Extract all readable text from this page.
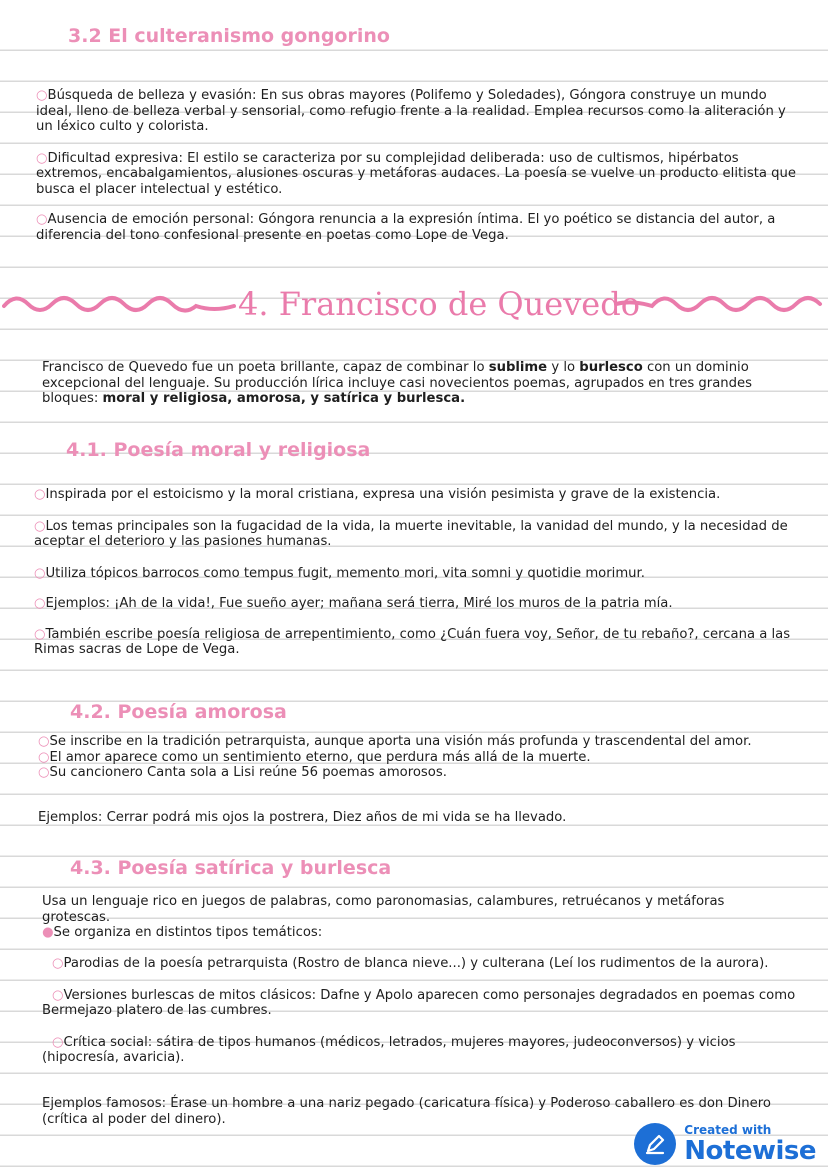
3.2 El culteranismo gongorino

○Búsqueda de belleza y evasión: En sus obras mayores (Polifemo y Soledades), Góngora construye un mundo ideal, lleno de belleza verbal y sensorial, como refugio frente a la realidad. Emplea recursos como la aliteración y un léxico culto y colorista.

○Dificultad expresiva: El estilo se caracteriza por su complejidad deliberada: uso de cultismos, hipérbatos extremos, encabalgamientos, alusiones oscuras y metáforas audaces. La poesía se vuelve un producto elitista que busca el placer intelectual y estético.

○Ausencia de emoción personal: Góngora renuncia a la expresión íntima. El yo poético se distancia del autor, a diferencia del tono confesional presente en poetas como Lope de Vega.

4. Francisco de Quevedo

Francisco de Quevedo fue un poeta brillante, capaz de combinar lo sublime y lo burlesco con un dominio excepcional del lenguaje. Su producción lírica incluye casi novecientos poemas, agrupados en tres grandes bloques: moral y religiosa, amorosa, y satírica y burlesca.

4.1. Poesía moral y religiosa

○Inspirada por el estoicismo y la moral cristiana, expresa una visión pesimista y grave de la existencia.

○Los temas principales son la fugacidad de la vida, la muerte inevitable, la vanidad del mundo, y la necesidad de aceptar el deterioro y las pasiones humanas.

○Utiliza tópicos barrocos como tempus fugit, memento mori, vita somni y quotidie morimur.

○Ejemplos: ¡Ah de la vida!, Fue sueño ayer; mañana será tierra, Miré los muros de la patria mía.

○También escribe poesía religiosa de arrepentimiento, como ¿Cuán fuera voy, Señor, de tu rebaño?, cercana a las Rimas sacras de Lope de Vega.

4.2. Poesía amorosa

○Se inscribe en la tradición petrarquista, aunque aporta una visión más profunda y trascendental del amor.

○El amor aparece como un sentimiento eterno, que perdura más allá de la muerte.

○Su cancionero Canta sola a Lisi reúne 56 poemas amorosos.

Ejemplos: Cerrar podrá mis ojos la postrera, Diez años de mi vida se ha llevado.

4.3. Poesía satírica y burlesca

Usa un lenguaje rico en juegos de palabras, como paronomasias, calambures, retruécanos y metáforas grotescas.

●Se organiza en distintos tipos temáticos:

○Parodias de la poesía petrarquista (Rostro de blanca nieve...) y culterana (Leí los rudimentos de la aurora).

○Versiones burlescas de mitos clásicos: Dafne y Apolo aparecen como personajes degradados en poemas como Bermejazo platero de las cumbres.

○Crítica social: sátira de tipos humanos (médicos, letrados, mujeres mayores, judeoconversos) y vicios (hipocresía, avaricia).

Ejemplos famosos: Érase un hombre a una nariz pegado (caricatura física) y Poderoso caballero es don Dinero (crítica al poder del dinero).

Created with
Notewise
